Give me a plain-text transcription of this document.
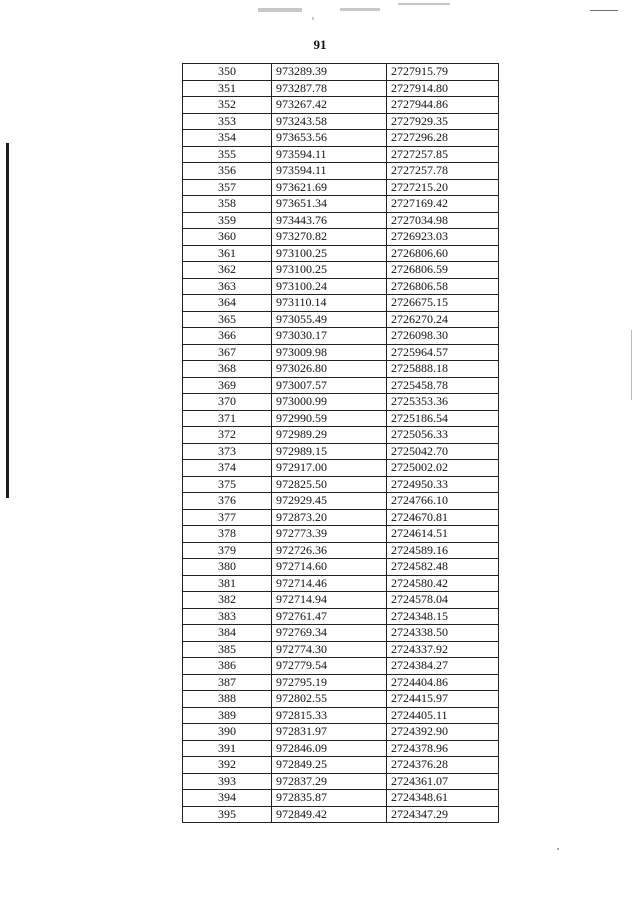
91
350	973289.39	2727915.79
351	973287.78	2727914.80
352	973267.42	2727944.86
353	973243.58	2727929.35
354	973653.56	2727296.28
355	973594.11	2727257.85
356	973594.11	2727257.78
357	973621.69	2727215.20
358	973651.34	2727169.42
359	973443.76	2727034.98
360	973270.82	2726923.03
361	973100.25	2726806.60
362	973100.25	2726806.59
363	973100.24	2726806.58
364	973110.14	2726675.15
365	973055.49	2726270.24
366	973030.17	2726098.30
367	973009.98	2725964.57
368	973026.80	2725888.18
369	973007.57	2725458.78
370	973000.99	2725353.36
371	972990.59	2725186.54
372	972989.29	2725056.33
373	972989.15	2725042.70
374	972917.00	2725002.02
375	972825.50	2724950.33
376	972929.45	2724766.10
377	972873.20	2724670.81
378	972773.39	2724614.51
379	972726.36	2724589.16
380	972714.60	2724582.48
381	972714.46	2724580.42
382	972714.94	2724578.04
383	972761.47	2724348.15
384	972769.34	2724338.50
385	972774.30	2724337.92
386	972779.54	2724384.27
387	972795.19	2724404.86
388	972802.55	2724415.97
389	972815.33	2724405.11
390	972831.97	2724392.90
391	972846.09	2724378.96
392	972849.25	2724376.28
393	972837.29	2724361.07
394	972835.87	2724348.61
395	972849.42	2724347.29
